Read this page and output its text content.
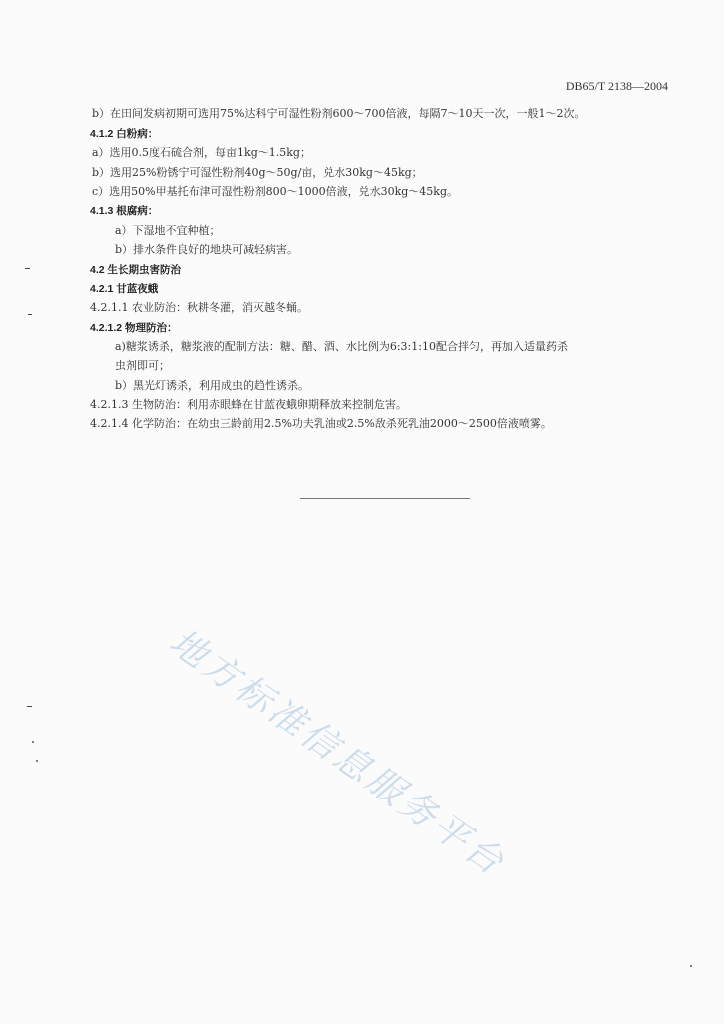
DB65/T 2138—2004
b）在田间发病初期可选用75%达科宁可湿性粉剂600～700倍液，每隔7～10天一次，一般1～2次。
4.1.2 白粉病：
a）选用0.5度石硫合剂，每亩1kg～1.5kg；
b）选用25%粉锈宁可湿性粉剂40g～50g/亩，兑水30kg～45kg；
c）选用50%甲基托布津可湿性粉剂800～1000倍液，兑水30kg～45kg。
4.1.3 根腐病：
a）下湿地不宜种植；
b）排水条件良好的地块可减轻病害。
4.2 生长期虫害防治
4.2.1 甘蓝夜蛾
4.2.1.1 农业防治：秋耕冬灌，消灭越冬蛹。
4.2.1.2 物理防治：
a)糖浆诱杀，糖浆液的配制方法：糖、醋、酒、水比例为6:3:1:10配合拌匀，再加入适量药杀
虫剂即可；
b）黑光灯诱杀，利用成虫的趋性诱杀。
4.2.1.3 生物防治：利用赤眼蜂在甘蓝夜蛾卵期释放来控制危害。
4.2.1.4 化学防治：在幼虫三龄前用2.5%功夫乳油或2.5%敌杀死乳油2000～2500倍液喷雾。
地方标准信息服务平台
